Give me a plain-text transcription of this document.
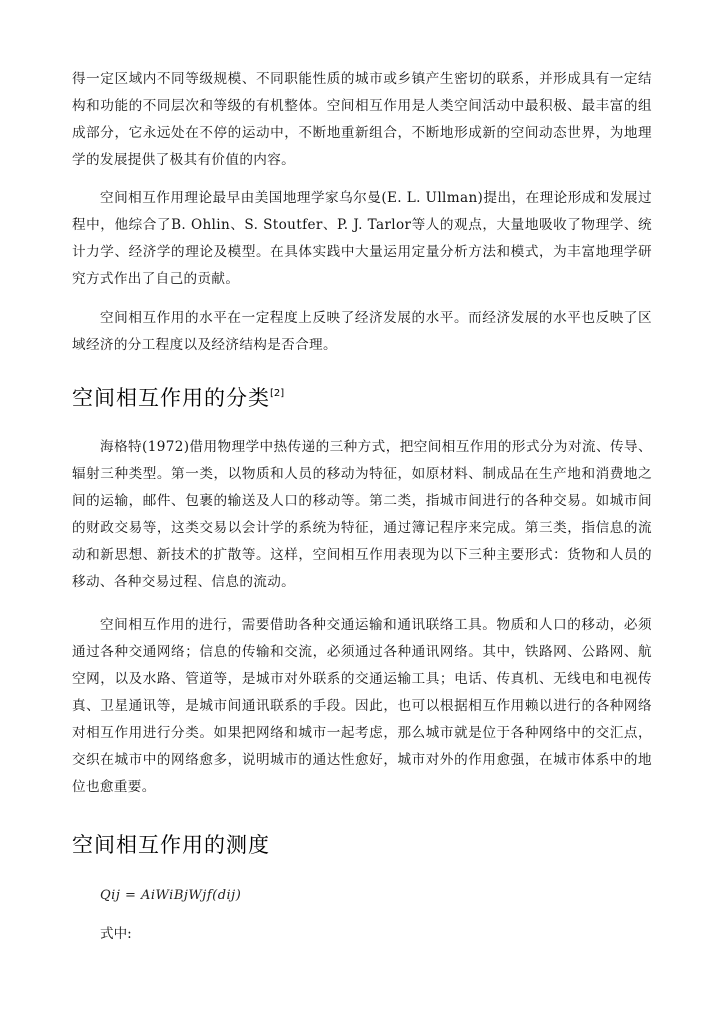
得一定区域内不同等级规模、不同职能性质的城市或乡镇产生密切的联系，并形成具有一定结构和功能的不同层次和等级的有机整体。空间相互作用是人类空间活动中最积极、最丰富的组成部分，它永远处在不停的运动中，不断地重新组合，不断地形成新的空间动态世界，为地理学的发展提供了极其有价值的内容。

空间相互作用理论最早由美国地理学家乌尔曼(E. L. Ullman)提出，在理论形成和发展过程中，他综合了B. Ohlin、S. Stoutfer、P. J. Tarlor等人的观点，大量地吸收了物理学、统计力学、经济学的理论及模型。在具体实践中大量运用定量分析方法和模式，为丰富地理学研究方式作出了自己的贡献。

空间相互作用的水平在一定程度上反映了经济发展的水平。而经济发展的水平也反映了区域经济的分工程度以及经济结构是否合理。

空间相互作用的分类[2]

海格特(1972)借用物理学中热传递的三种方式，把空间相互作用的形式分为对流、传导、辐射三种类型。第一类，以物质和人员的移动为特征，如原材料、制成品在生产地和消费地之间的运输，邮件、包裹的输送及人口的移动等。第二类，指城市间进行的各种交易。如城市间的财政交易等，这类交易以会计学的系统为特征，通过簿记程序来完成。第三类，指信息的流动和新思想、新技术的扩散等。这样，空间相互作用表现为以下三种主要形式：货物和人员的移动、各种交易过程、信息的流动。

空间相互作用的进行，需要借助各种交通运输和通讯联络工具。物质和人口的移动，必须通过各种交通网络；信息的传输和交流，必须通过各种通讯网络。其中，铁路网、公路网、航空网，以及水路、管道等，是城市对外联系的交通运输工具；电话、传真机、无线电和电视传真、卫星通讯等，是城市间通讯联系的手段。因此，也可以根据相互作用赖以进行的各种网络对相互作用进行分类。如果把网络和城市一起考虑，那么城市就是位于各种网络中的交汇点，交织在城市中的网络愈多，说明城市的通达性愈好，城市对外的作用愈强，在城市体系中的地位也愈重要。

空间相互作用的测度
Qij = AiWiBjWjf(dij)

式中:
